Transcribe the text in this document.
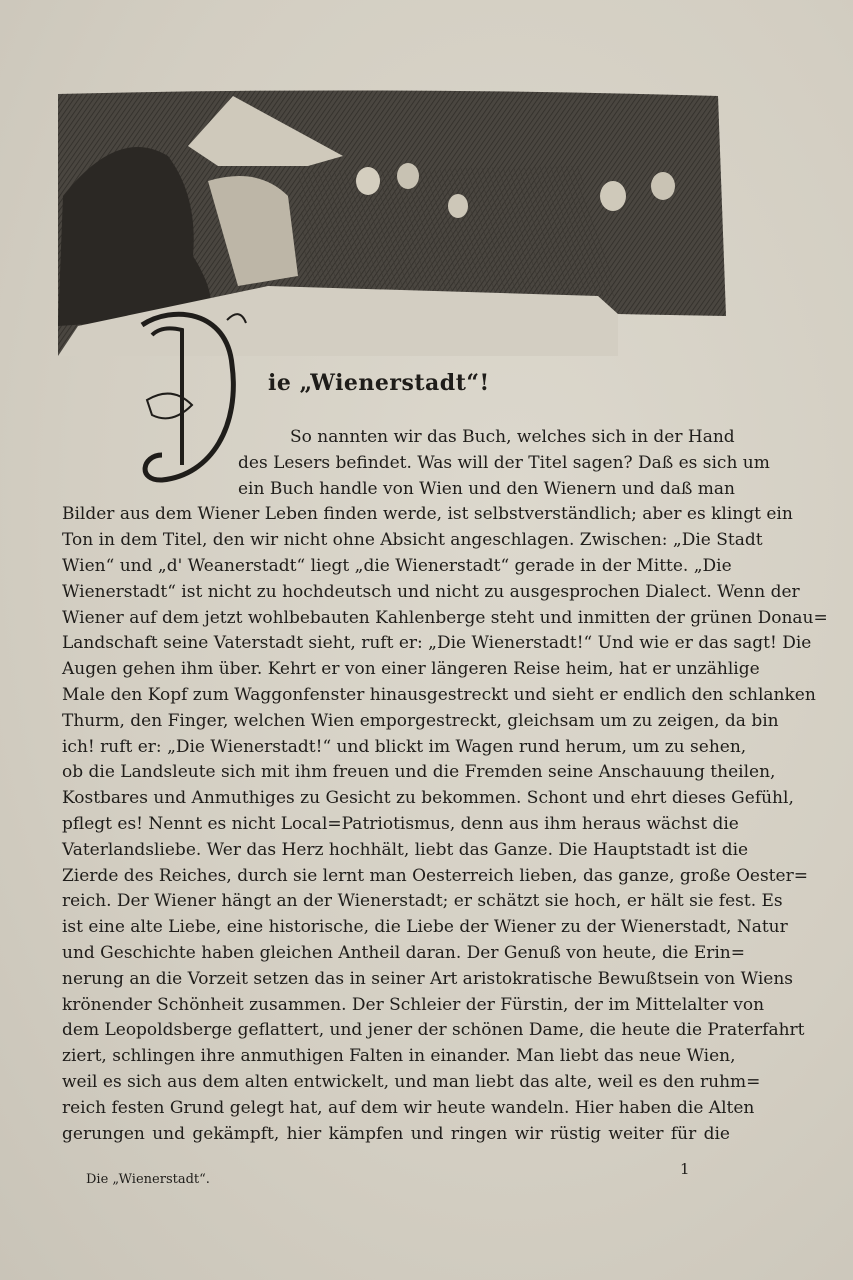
ie „Wienerstadt“!
So nannten wir das Buch, welches sich in der Hand
des Lesers befindet. Was will der Titel sagen? Daß es sich um
ein Buch handle von Wien und den Wienern und daß man
Bilder aus dem Wiener Leben finden werde, ist selbstverständlich; aber es klingt ein
Ton in dem Titel, den wir nicht ohne Absicht angeschlagen. Zwischen: „Die Stadt
Wien“ und „d' Weanerstadt“ liegt „die Wienerstadt“ gerade in der Mitte. „Die
Wienerstadt“ ist nicht zu hochdeutsch und nicht zu ausgesprochen Dialect. Wenn der
Wiener auf dem jetzt wohlbebauten Kahlenberge steht und inmitten der grünen Donau=
Landschaft seine Vaterstadt sieht, ruft er: „Die Wienerstadt!“ Und wie er das sagt! Die
Augen gehen ihm über. Kehrt er von einer längeren Reise heim, hat er unzählige
Male den Kopf zum Waggonfenster hinausgestreckt und sieht er endlich den schlanken
Thurm, den Finger, welchen Wien emporgestreckt, gleichsam um zu zeigen, da bin
ich! ruft er: „Die Wienerstadt!“ und blickt im Wagen rund herum, um zu sehen,
ob die Landsleute sich mit ihm freuen und die Fremden seine Anschauung theilen,
Kostbares und Anmuthiges zu Gesicht zu bekommen. Schont und ehrt dieses Gefühl,
pflegt es! Nennt es nicht Local=Patriotismus, denn aus ihm heraus wächst die
Vaterlandsliebe. Wer das Herz hochhält, liebt das Ganze. Die Hauptstadt ist die
Zierde des Reiches, durch sie lernt man Oesterreich lieben, das ganze, große Oester=
reich. Der Wiener hängt an der Wienerstadt; er schätzt sie hoch, er hält sie fest. Es
ist eine alte Liebe, eine historische, die Liebe der Wiener zu der Wienerstadt, Natur
und Geschichte haben gleichen Antheil daran. Der Genuß von heute, die Erin=
nerung an die Vorzeit setzen das in seiner Art aristokratische Bewußtsein von Wiens
krönender Schönheit zusammen. Der Schleier der Fürstin, der im Mittelalter von
dem Leopoldsberge geflattert, und jener der schönen Dame, die heute die Praterfahrt
ziert, schlingen ihre anmuthigen Falten in einander. Man liebt das neue Wien,
weil es sich aus dem alten entwickelt, und man liebt das alte, weil es den ruhm=
reich festen Grund gelegt hat, auf dem wir heute wandeln. Hier haben die Alten
gerungen und gekämpft, hier kämpfen und ringen wir rüstig weiter für die
Die „Wienerstadt“.
1
